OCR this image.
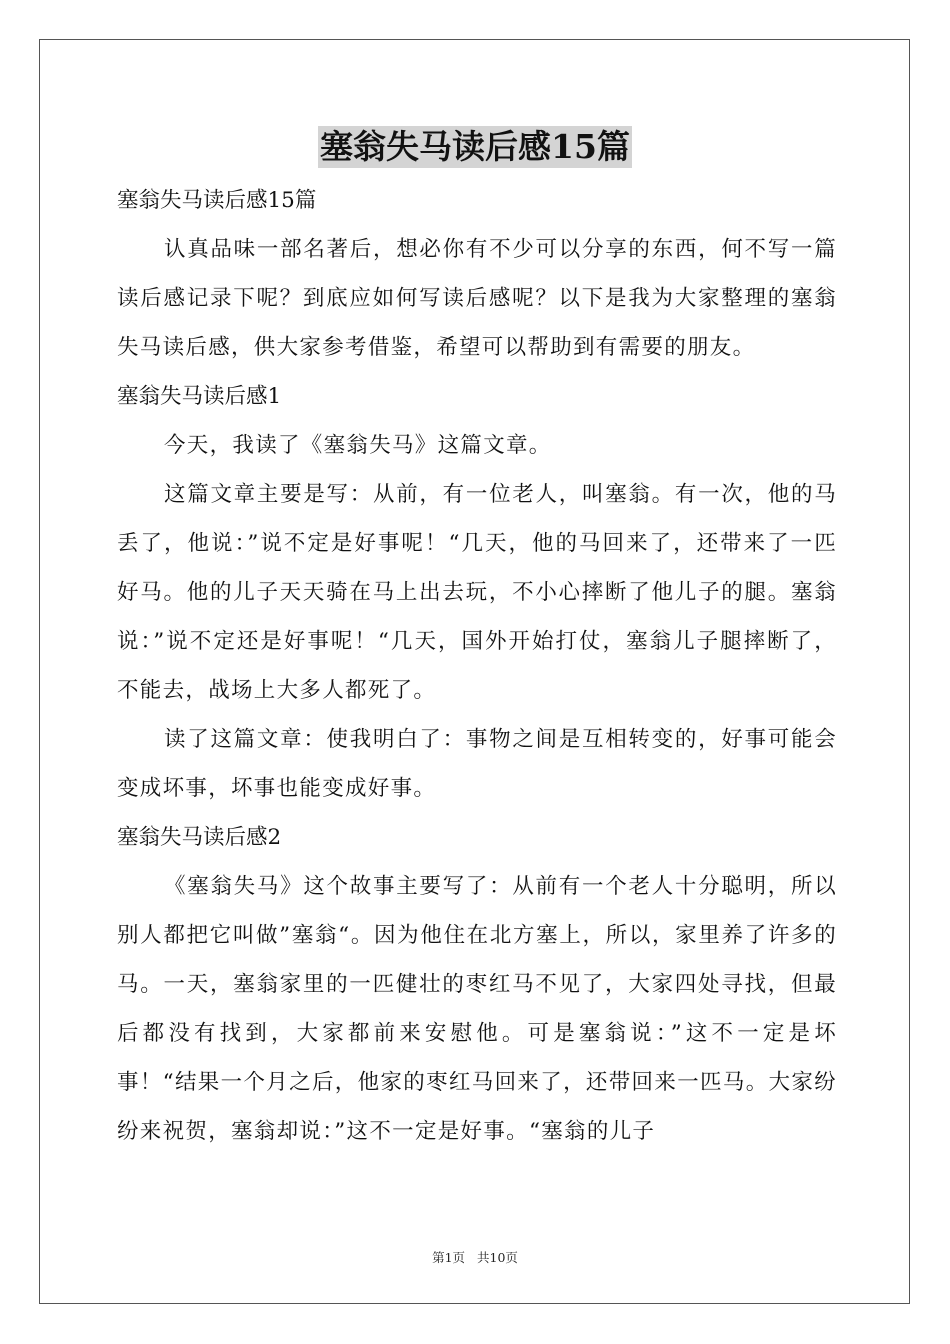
塞翁失马读后感15篇

塞翁失马读后感15篇

认真品味一部名著后，想必你有不少可以分享的东西，何不写一篇读后感记录下呢？到底应如何写读后感呢？以下是我为大家整理的塞翁失马读后感，供大家参考借鉴，希望可以帮助到有需要的朋友。

塞翁失马读后感1

今天，我读了《塞翁失马》这篇文章。

这篇文章主要是写：从前，有一位老人，叫塞翁。有一次，他的马丢了，他说：”说不定是好事呢！“几天，他的马回来了，还带来了一匹好马。他的儿子天天骑在马上出去玩，不小心摔断了他儿子的腿。塞翁说：”说不定还是好事呢！“几天，国外开始打仗，塞翁儿子腿摔断了，不能去，战场上大多人都死了。

读了这篇文章：使我明白了：事物之间是互相转变的，好事可能会变成坏事，坏事也能变成好事。

塞翁失马读后感2

《塞翁失马》这个故事主要写了：从前有一个老人十分聪明，所以别人都把它叫做”塞翁“。因为他住在北方塞上，所以，家里养了许多的马。一天，塞翁家里的一匹健壮的枣红马不见了，大家四处寻找，但最后都没有找到，大家都前来安慰他。可是塞翁说：”这不一定是坏事！“结果一个月之后，他家的枣红马回来了，还带回来一匹马。大家纷纷来祝贺，塞翁却说：”这不一定是好事。“塞翁的儿子

第1页 共10页
